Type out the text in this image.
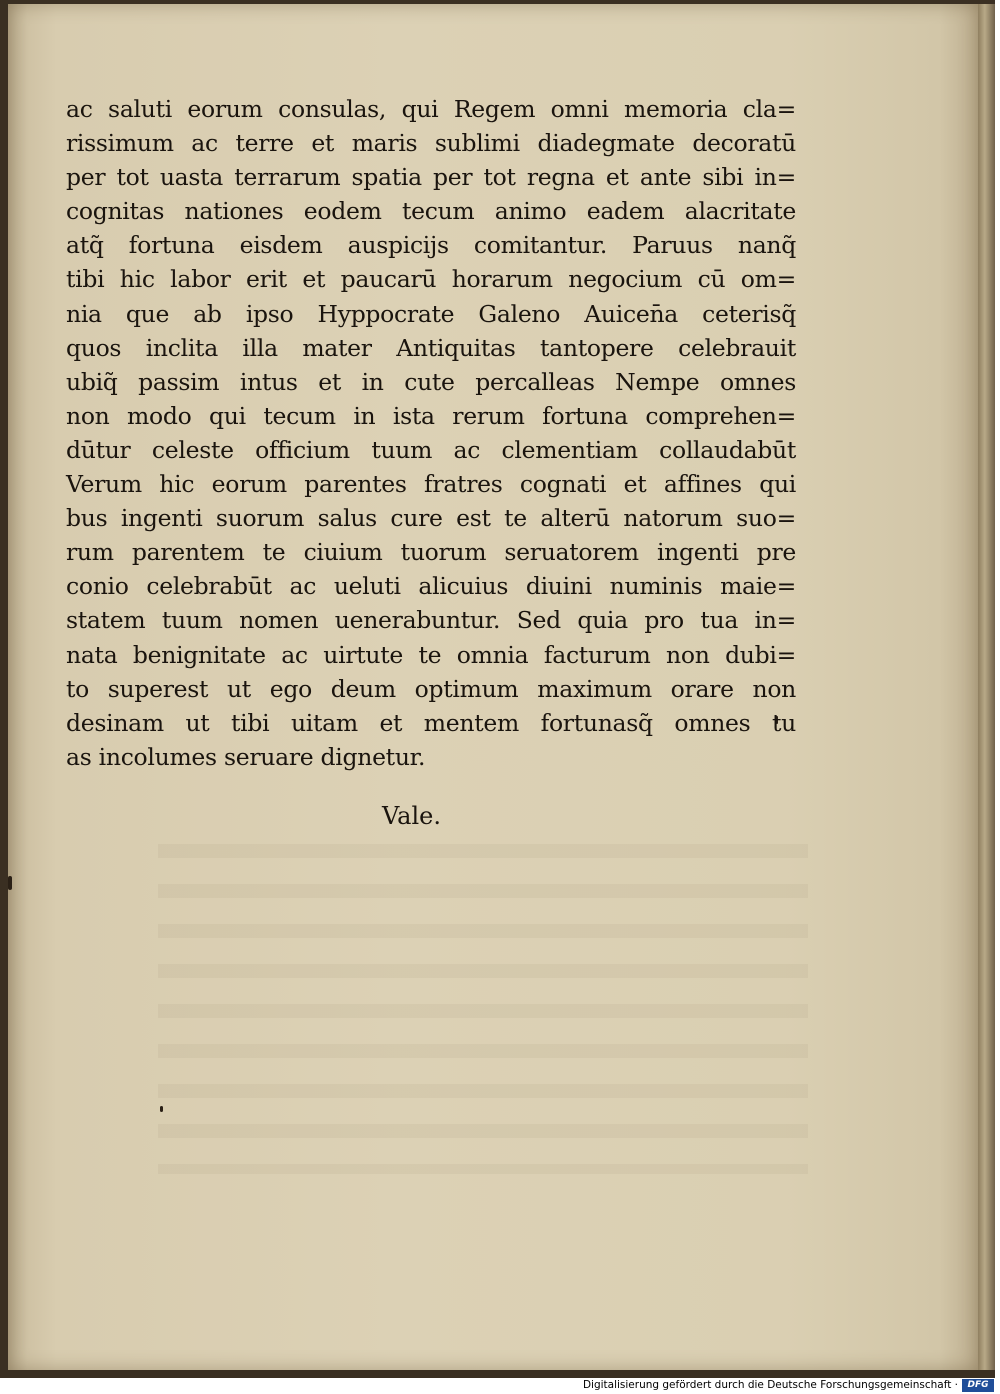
ac saluti eorum consulas, qui Regem omni memoria cla=
rissimum ac terre et maris sublimi diadegmate decoratū
per tot uasta terrarum spatia per tot regna et ante sibi in=
cognitas nationes eodem tecum animo eadem alacritate
atq̃ fortuna eisdem auspicijs comitantur. Paruus nanq̃
tibi hic labor erit et paucarū horarum negocium cū om=
nia que ab ipso Hyppocrate Galeno Auicen̄a ceterisq̃
quos inclita illa mater Antiquitas tantopere celebrauit
ubiq̃ passim intus et in cute percalleas Nempe omnes
non modo qui tecum in ista rerum fortuna comprehen=
dūtur celeste officium tuum ac clementiam collaudabūt
Verum hic eorum parentes fratres cognati et affines qui
bus ingenti suorum salus cure est te alterū natorum suo=
rum parentem te ciuium tuorum seruatorem ingenti pre
conio celebrabūt ac ueluti alicuius diuini numinis maie=
statem tuum nomen uenerabuntur. Sed quia pro tua in=
nata benignitate ac uirtute te omnia facturum non dubi=
to superest ut ego deum optimum maximum orare non
desinam ut tibi uitam et mentem fortunasq̃ omnes tu
as incolumes seruare dignetur.
Vale.
Digitalisierung gefördert durch die Deutsche Forschungsgemeinschaft ·	DFG
